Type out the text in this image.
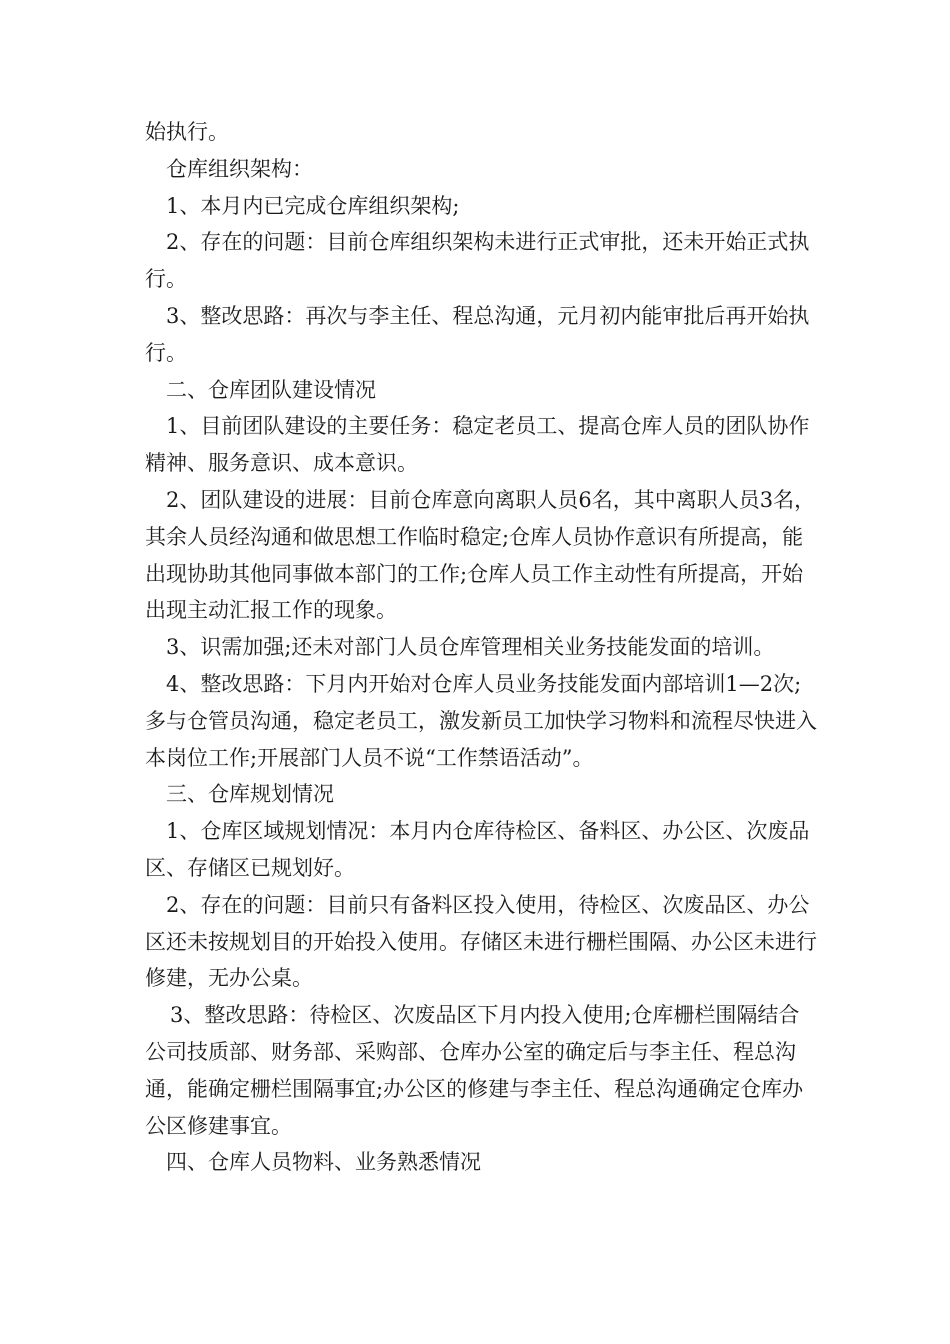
始执行。

仓库组织架构：

1、本月内已完成仓库组织架构;

2、存在的问题：目前仓库组织架构未进行正式审批，还未开始正式执行。

3、整改思路：再次与李主任、程总沟通，元月初内能审批后再开始执行。

二、仓库团队建设情况

1、目前团队建设的主要任务：稳定老员工、提高仓库人员的团队协作精神、服务意识、成本意识。

2、团队建设的进展：目前仓库意向离职人员6名，其中离职人员3名，其余人员经沟通和做思想工作临时稳定;仓库人员协作意识有所提高，能出现协助其他同事做本部门的工作;仓库人员工作主动性有所提高，开始出现主动汇报工作的现象。

3、识需加强;还未对部门人员仓库管理相关业务技能发面的培训。

4、整改思路：下月内开始对仓库人员业务技能发面内部培训1—2次;多与仓管员沟通，稳定老员工，激发新员工加快学习物料和流程尽快进入本岗位工作;开展部门人员不说“工作禁语活动”。

三、仓库规划情况

1、仓库区域规划情况：本月内仓库待检区、备料区、办公区、次废品区、存储区已规划好。

2、存在的问题：目前只有备料区投入使用，待检区、次废品区、办公区还未按规划目的开始投入使用。存储区未进行栅栏围隔、办公区未进行修建，无办公桌。

3、整改思路：待检区、次废品区下月内投入使用;仓库栅栏围隔结合公司技质部、财务部、采购部、仓库办公室的确定后与李主任、程总沟通，能确定栅栏围隔事宜;办公区的修建与李主任、程总沟通确定仓库办公区修建事宜。

四、仓库人员物料、业务熟悉情况
